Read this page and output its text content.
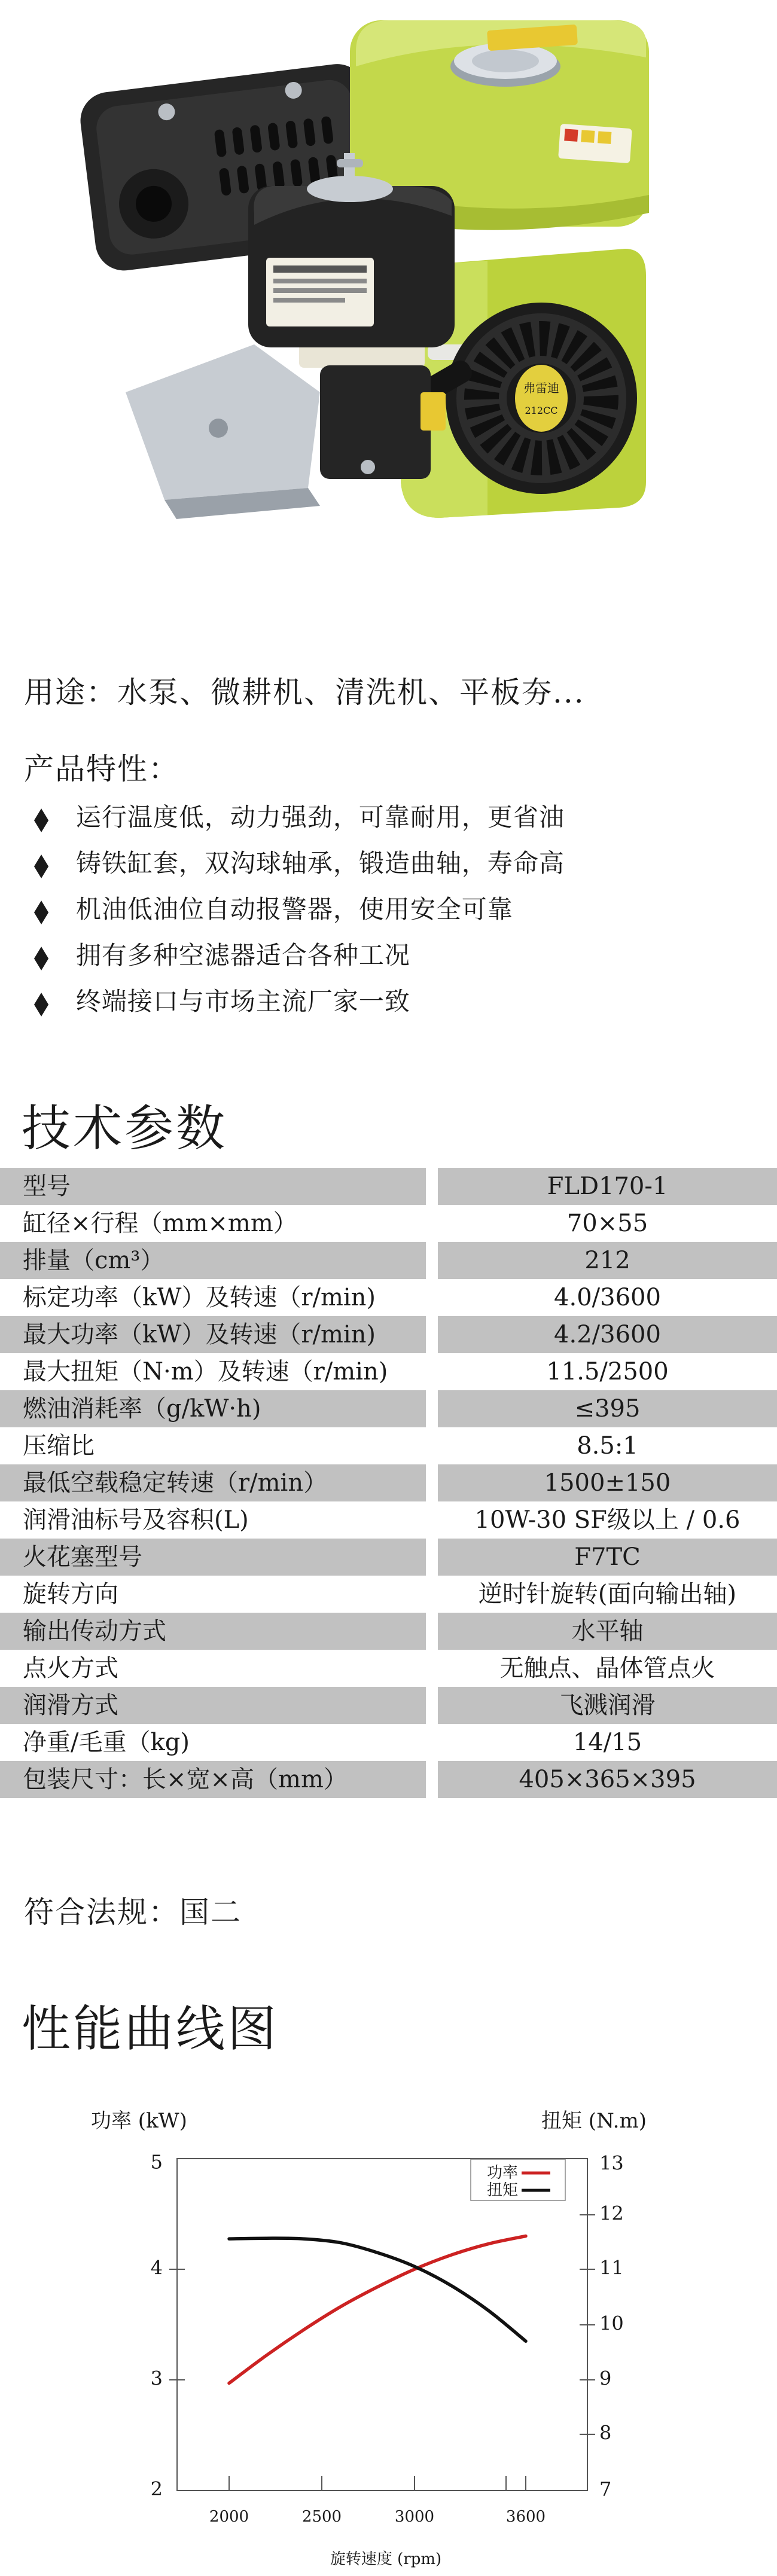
弗雷迪
212CC
用途：水泵、微耕机、清洗机、平板夯...
产品特性：
◆ 运行温度低，动力强劲，可靠耐用，更省油
◆ 铸铁缸套，双沟球轴承，锻造曲轴，寿命高
◆ 机油低油位自动报警器，使用安全可靠
◆ 拥有多种空滤器适合各种工况
◆ 终端接口与市场主流厂家一致
技术参数
型号	FLD170-1
缸径×行程（mm×mm）	70×55
排量（cm³）	212
标定功率（kW）及转速（r/min)	4.0/3600
最大功率（kW）及转速（r/min)	4.2/3600
最大扭矩（N·m）及转速（r/min)	11.5/2500
燃油消耗率（g/kW·h)	≤395
压缩比	8.5:1
最低空载稳定转速（r/min）	1500±150
润滑油标号及容积(L)	10W-30 SF级以上 / 0.6
火花塞型号	F7TC
旋转方向	逆时针旋转(面向输出轴)
输出传动方式	水平轴
点火方式	无触点、晶体管点火
润滑方式	飞溅润滑
净重/毛重（kg)	14/15
包装尺寸：长×宽×高（mm）	405×365×395
符合法规：国二
性能曲线图
功率 (kW)	扭矩 (N.m)
5
4
3
2
13
12
11
10
9
8
7
2000	2500	3000	3600
旋转速度 (rpm)
功率
扭矩
